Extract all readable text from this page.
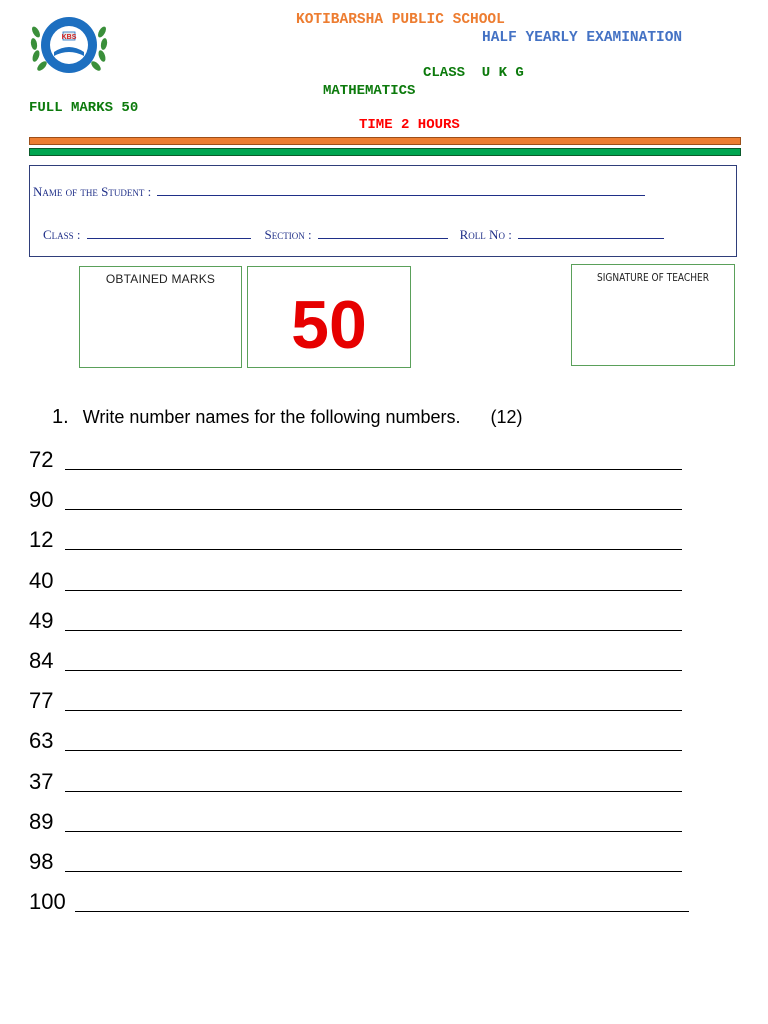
KBS
KOTIBARSHA PUBLIC SCHOOL
HALF YEARLY EXAMINATION
CLASS  U K G
MATHEMATICS
FULL MARKS 50
TIME 2 HOURS
Name of the Student :
Class :	Section :	Roll No :
OBTAINED MARKS
50
SIGNATURE OF TEACHER
1. Write number names for the following numbers. (12)
72
90
12
40
49
84
77
63
37
89
98
100
